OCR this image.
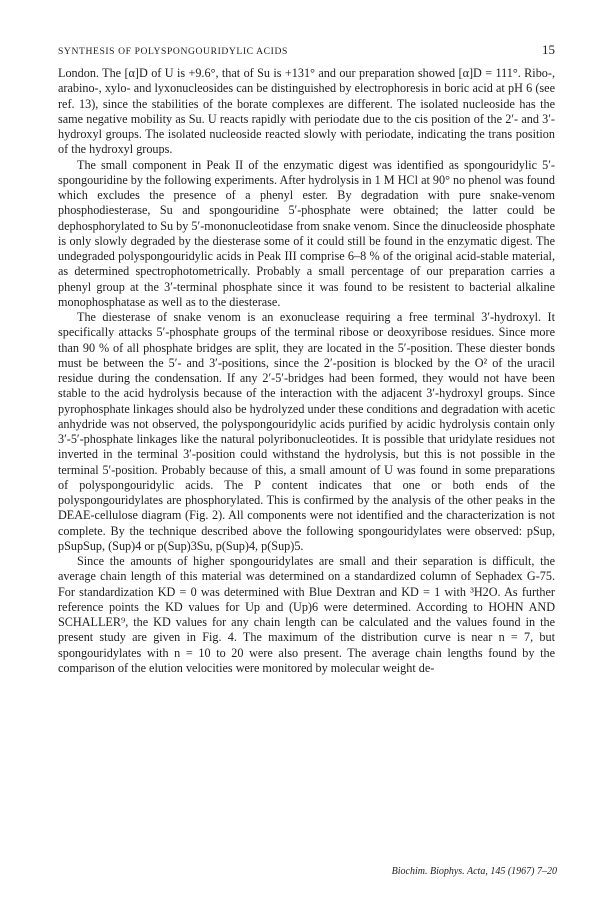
SYNTHESIS OF POLYSPONGOURIDYLIC ACIDS	15

London. The [α]D of U is +9.6°, that of Su is +131° and our preparation showed [α]D = 111°. Ribo-, arabino-, xylo- and lyxonucleosides can be distinguished by electrophoresis in boric acid at pH 6 (see ref. 13), since the stabilities of the borate complexes are different. The isolated nucleoside has the same negative mobility as Su. U reacts rapidly with periodate due to the cis position of the 2′- and 3′-hydroxyl groups. The isolated nucleoside reacted slowly with periodate, indicating the trans position of the hydroxyl groups.

The small component in Peak II of the enzymatic digest was identified as spongouridylic 5′-spongouridine by the following experiments. After hydrolysis in 1 M HCl at 90° no phenol was found which excludes the presence of a phenyl ester. By degradation with pure snake-venom phosphodiesterase, Su and spongouridine 5′-phosphate were obtained; the latter could be dephosphorylated to Su by 5′-mononucleotidase from snake venom. Since the dinucleoside phosphate is only slowly degraded by the diesterase some of it could still be found in the enzymatic digest. The undegraded polyspongouridylic acids in Peak III comprise 6–8 % of the original acid-stable material, as determined spectrophotometrically. Probably a small percentage of our preparation carries a phenyl group at the 3′-terminal phosphate since it was found to be resistent to bacterial alkaline monophosphatase as well as to the diesterase.

The diesterase of snake venom is an exonuclease requiring a free terminal 3′-hydroxyl. It specifically attacks 5′-phosphate groups of the terminal ribose or deoxyribose residues. Since more than 90 % of all phosphate bridges are split, they are located in the 5′-position. These diester bonds must be between the 5′- and 3′-positions, since the 2′-position is blocked by the O² of the uracil residue during the condensation. If any 2′-5′-bridges had been formed, they would not have been stable to the acid hydrolysis because of the interaction with the adjacent 3′-hydroxyl groups. Since pyrophosphate linkages should also be hydrolyzed under these conditions and degradation with acetic anhydride was not observed, the polyspongouridylic acids purified by acidic hydrolysis contain only 3′-5′-phosphate linkages like the natural polyribonucleotides. It is possible that uridylate residues not inverted in the terminal 3′-position could withstand the hydrolysis, but this is not possible in the terminal 5′-position. Probably because of this, a small amount of U was found in some preparations of polyspongouridylic acids. The P content indicates that one or both ends of the polyspongouridylates are phosphorylated. This is confirmed by the analysis of the other peaks in the DEAE-cellulose diagram (Fig. 2). All components were not identified and the characterization is not complete. By the technique described above the following spongouridylates were observed: pSup, pSupSup, (Sup)4 or p(Sup)3Su, p(Sup)4, p(Sup)5.

Since the amounts of higher spongouridylates are small and their separation is difficult, the average chain length of this material was determined on a standardized column of Sephadex G-75. For standardization KD = 0 was determined with Blue Dextran and KD = 1 with ³H2O. As further reference points the KD values for Up and (Up)6 were determined. According to HOHN AND SCHALLER⁹, the KD values for any chain length can be calculated and the values found in the present study are given in Fig. 4. The maximum of the distribution curve is near n = 7, but spongouridylates with n = 10 to 20 were also present. The average chain lengths found by the comparison of the elution velocities were monitored by molecular weight de-

Biochim. Biophys. Acta, 145 (1967) 7–20
